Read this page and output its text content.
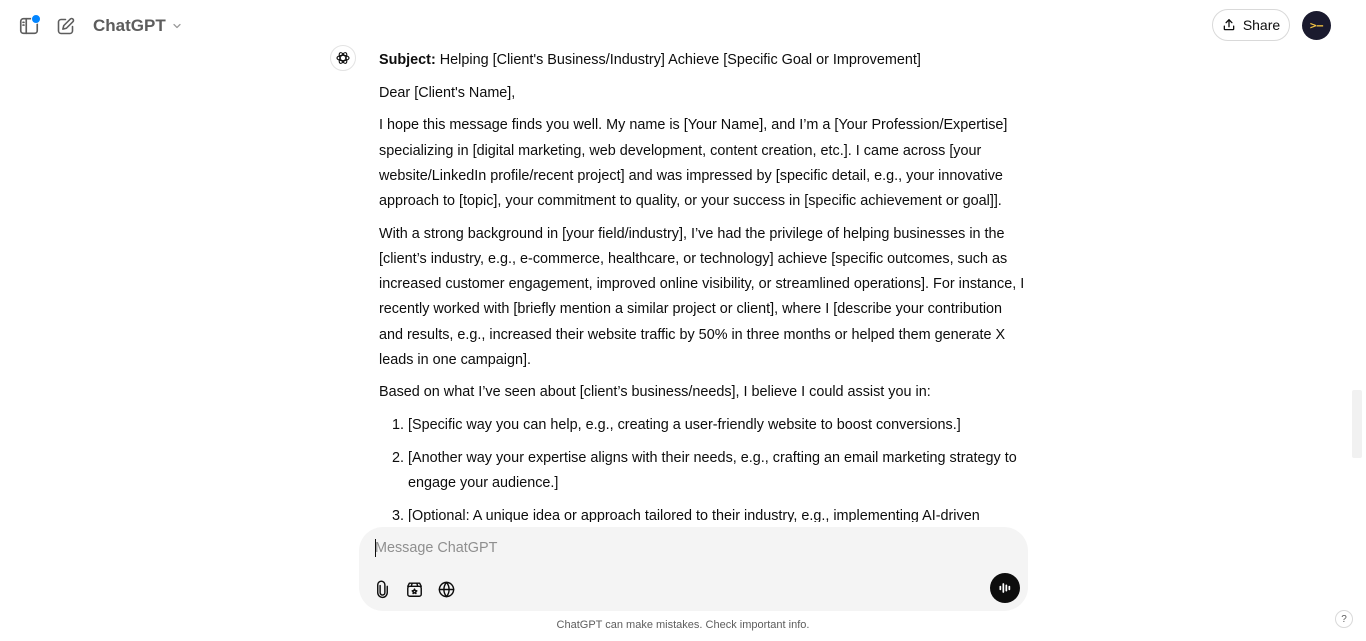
ChatGPT	Share	>–

Subject: Helping [Client's Business/Industry] Achieve [Specific Goal or Improvement]

Dear [Client's Name],

I hope this message finds you well. My name is [Your Name], and I’m a [Your Profession/Expertise] specializing in [digital marketing, web development, content creation, etc.]. I came across [your website/LinkedIn profile/recent project] and was impressed by [specific detail, e.g., your innovative approach to [topic], your commitment to quality, or your success in [specific achievement or goal]].

With a strong background in [your field/industry], I’ve had the privilege of helping businesses in the [client’s industry, e.g., e-commerce, healthcare, or technology] achieve [specific outcomes, such as increased customer engagement, improved online visibility, or streamlined operations]. For instance, I recently worked with [briefly mention a similar project or client], where I [describe your contribution and results, e.g., increased their website traffic by 50% in three months or helped them generate X leads in one campaign].

Based on what I’ve seen about [client’s business/needs], I believe I could assist you in:

1. [Specific way you can help, e.g., creating a user-friendly website to boost conversions.]
2. [Another way your expertise aligns with their needs, e.g., crafting an email marketing strategy to engage your audience.]
3. [Optional: A unique idea or approach tailored to their industry, e.g., implementing AI-driven
Message ChatGPT
ChatGPT can make mistakes. Check important info.	?
